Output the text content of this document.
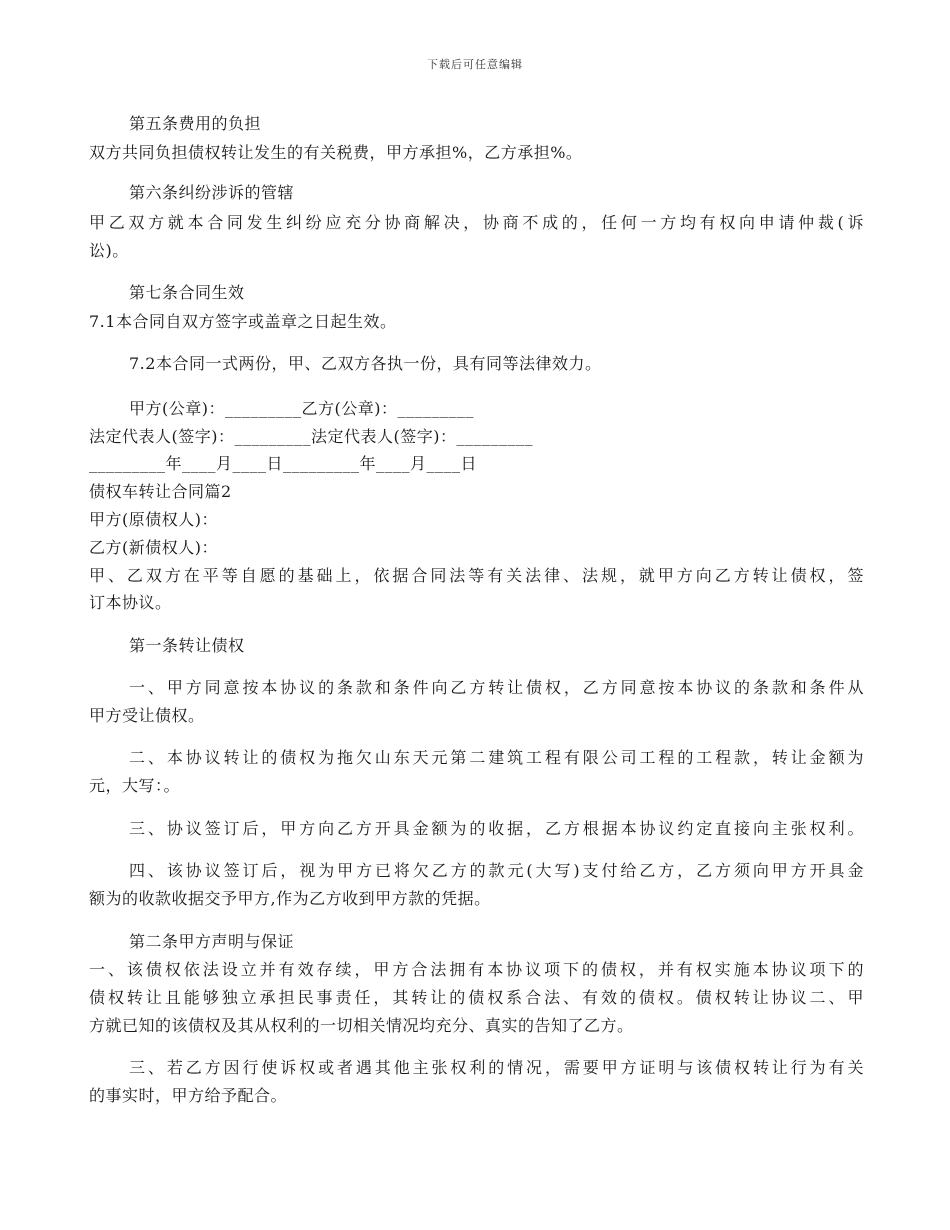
下载后可任意编辑
第五条费用的负担
双方共同负担债权转让发生的有关税费，甲方承担%，乙方承担%。
第六条纠纷涉诉的管辖
甲乙双方就本合同发生纠纷应充分协商解决，协商不成的，任何一方均有权向申请仲裁(诉
讼)。
第七条合同生效
7.1本合同自双方签字或盖章之日起生效。
7.2本合同一式两份，甲、乙双方各执一份，具有同等法律效力。
甲方(公章)：_________乙方(公章)：_________
法定代表人(签字)：_________法定代表人(签字)：_________
_________年____月____日_________年____月____日
债权车转让合同篇2
甲方(原债权人)：
乙方(新债权人)：
甲、乙双方在平等自愿的基础上，依据合同法等有关法律、法规，就甲方向乙方转让债权，签
订本协议。
第一条转让债权
一、甲方同意按本协议的条款和条件向乙方转让债权，乙方同意按本协议的条款和条件从
甲方受让债权。
二、本协议转让的债权为拖欠山东天元第二建筑工程有限公司工程的工程款，转让金额为
元，大写：。
三、协议签订后，甲方向乙方开具金额为的收据，乙方根据本协议约定直接向主张权利。
四、该协议签订后，视为甲方已将欠乙方的款元(大写)支付给乙方，乙方须向甲方开具金
额为的收款收据交予甲方,作为乙方收到甲方款的凭据。
第二条甲方声明与保证
一、该债权依法设立并有效存续，甲方合法拥有本协议项下的债权，并有权实施本协议项下的
债权转让且能够独立承担民事责任，其转让的债权系合法、有效的债权。债权转让协议二、甲
方就已知的该债权及其从权利的一切相关情况均充分、真实的告知了乙方。
三、若乙方因行使诉权或者遇其他主张权利的情况，需要甲方证明与该债权转让行为有关
的事实时，甲方给予配合。
